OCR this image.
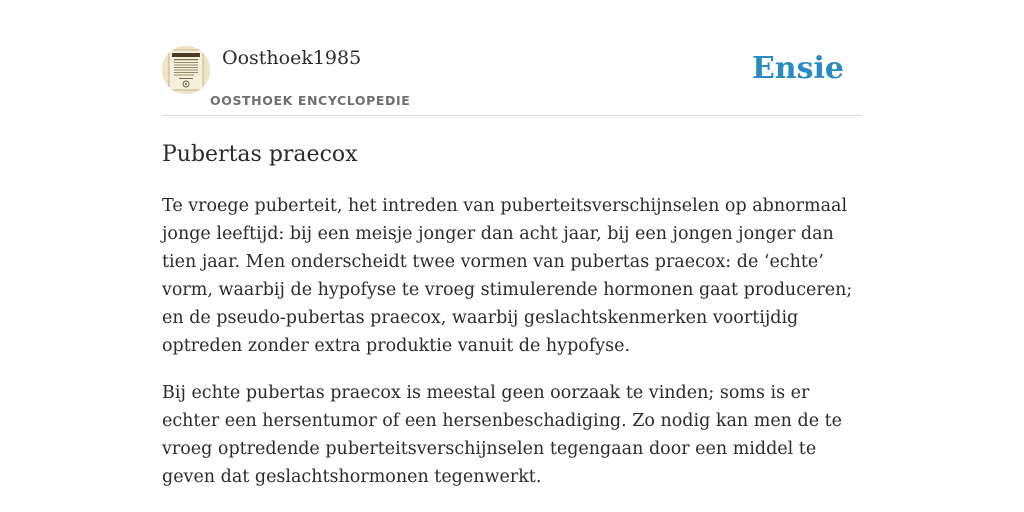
Oosthoek1985
OOSTHOEK ENCYCLOPEDIE
Ensie
Pubertas praecox

Te vroege puberteit, het intreden van puberteitsverschijnselen op abnormaal jonge leeftijd: bij een meisje jonger dan acht jaar, bij een jongen jonger dan tien jaar. Men onderscheidt twee vormen van pubertas praecox: de ‘echte’ vorm, waarbij de hypofyse te vroeg stimulerende hormonen gaat produceren; en de pseudo-pubertas praecox, waarbij geslachtskenmerken voortijdig optreden zonder extra produktie vanuit de hypofyse.

Bij echte pubertas praecox is meestal geen oorzaak te vinden; soms is er echter een hersentumor of een hersenbeschadiging. Zo nodig kan men de te vroeg optredende puberteitsverschijnselen tegengaan door een middel te geven dat geslachtshormonen tegenwerkt.
